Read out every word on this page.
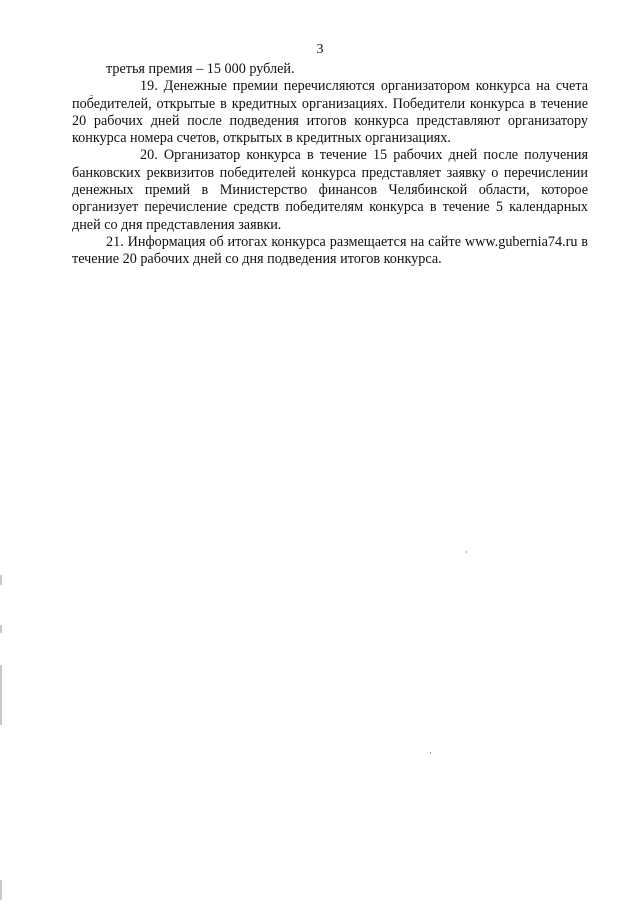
3

третья премия – 15 000 рублей.

19. Денежные премии перечисляются организатором конкурса на счета победителей, открытые в кредитных организациях. Победители конкурса в течение 20 рабочих дней после подведения итогов конкурса представляют организатору конкурса номера счетов, открытых в кредитных организациях.

20. Организатор конкурса в течение 15 рабочих дней после получения банковских реквизитов победителей конкурса представляет заявку о перечислении денежных премий в Министерство финансов Челябинской области, которое организует перечисление средств победителям конкурса в течение 5 календарных дней со дня представления заявки.

21. Информация об итогах конкурса размещается на сайте www.gubernia74.ru в течение 20 рабочих дней со дня подведения итогов конкурса.
